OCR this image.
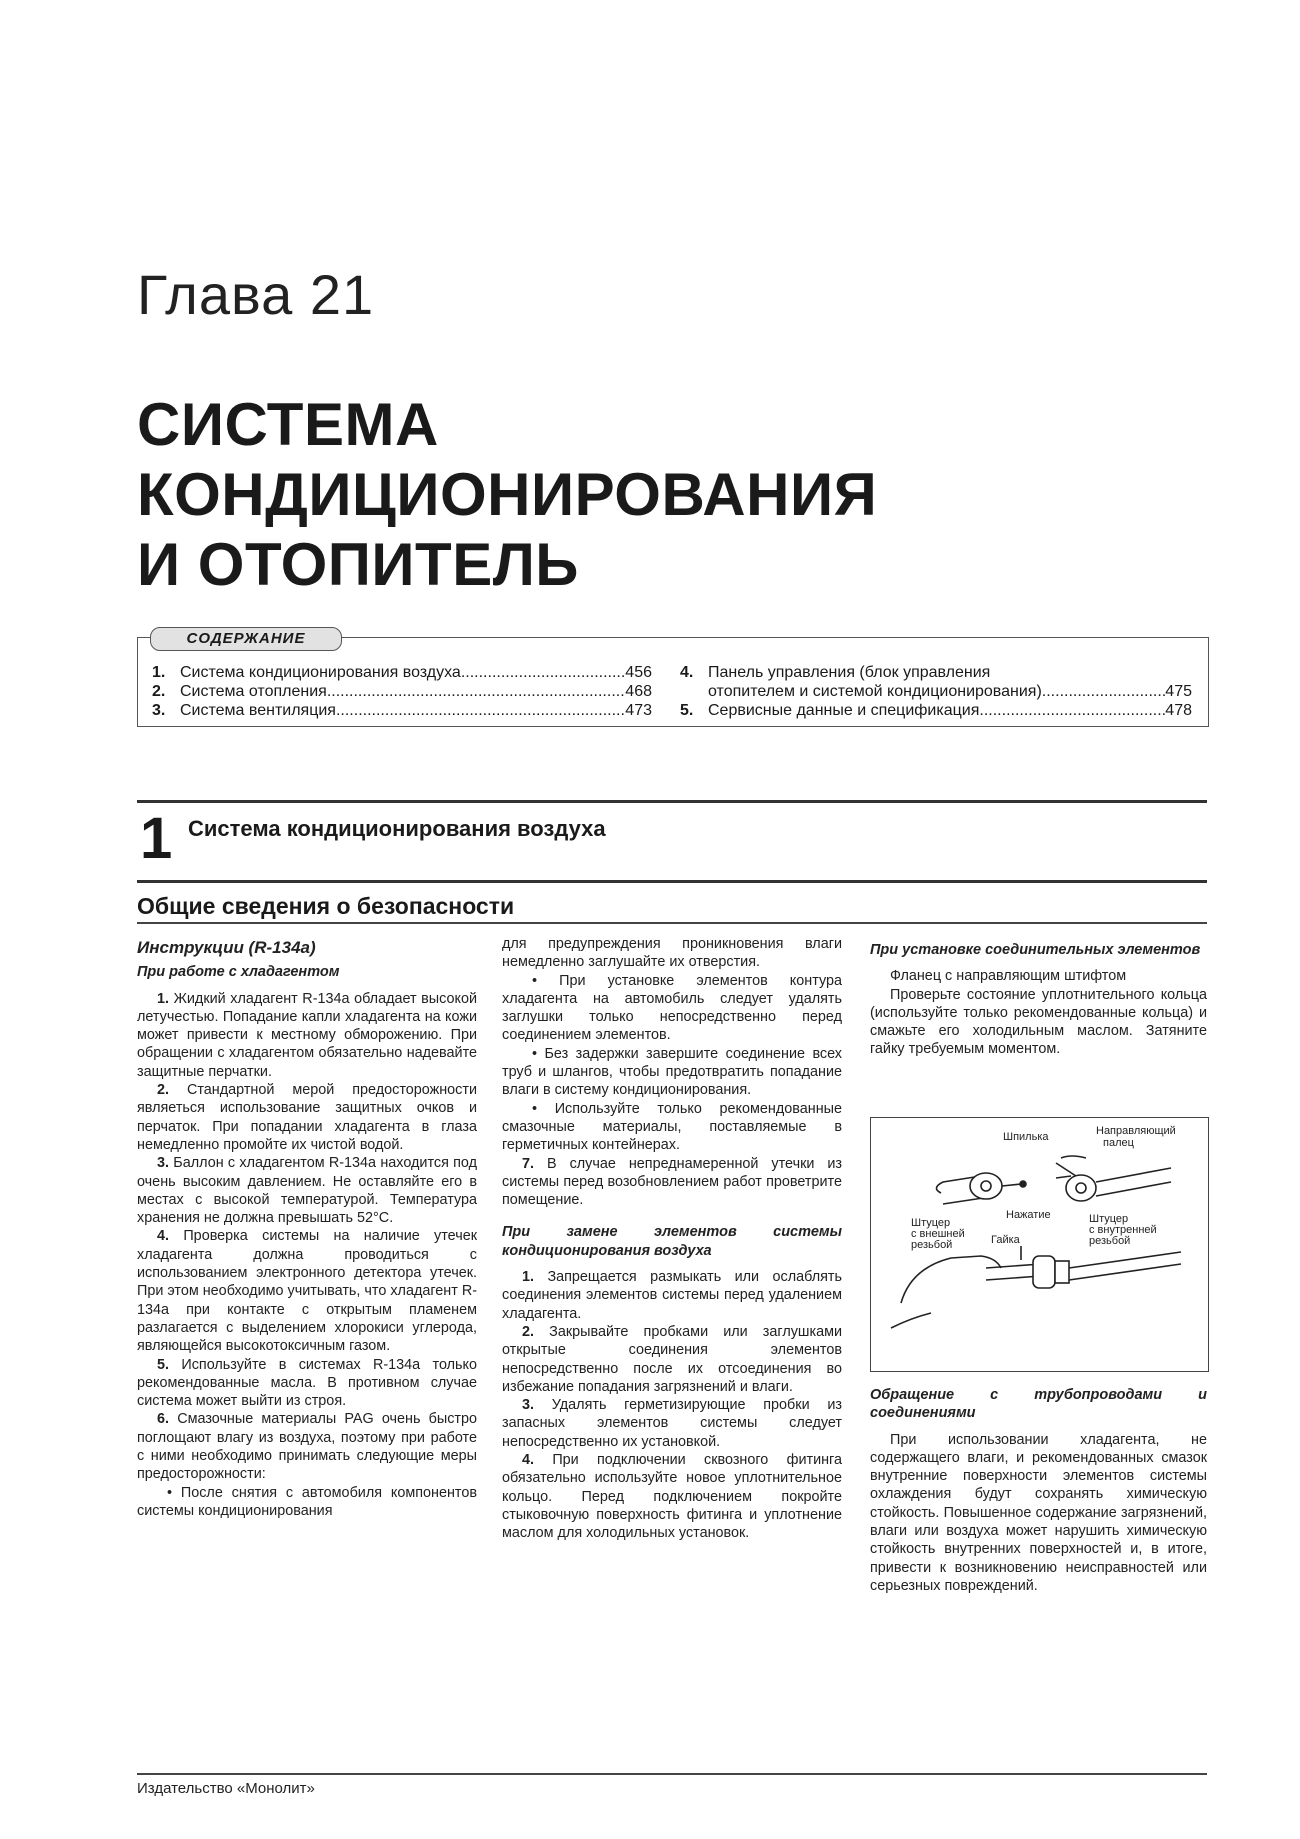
Глава 21
СИСТЕМА
КОНДИЦИОНИРОВАНИЯ
И ОТОПИТЕЛЬ
СОДЕРЖАНИЕ
1. Система кондиционирования воздуха .....	456
2. Система отопления .....	468
3. Система вентиляция .....	473
4. Панель управления (блок управления
отопителем и системой кондиционирования) .....	475
5. Сервисные данные и спецификация .....	478
1 Система кондиционирования воздуха
Общие сведения о безопасности
Инструкции (R-134a)
При работе с хладагентом

1. Жидкий хладагент R-134a обладает высокой летучестью. Попадание капли хладагента на кожи может привести к местному обморожению. При обращении с хладагентом обязательно надевайте защитные перчатки.

2. Стандартной мерой предосторожности являеться использование защитных очков и перчаток. При попадании хладагента в глаза немедленно промойте их чистой водой.

3. Баллон с хладагентом R-134a находится под очень высоким давлением. Не оставляйте его в местах с высокой температурой. Температура хранения не должна превышать 52°С.

4. Проверка системы на наличие утечек хладагента должна проводиться с использованием электронного детектора утечек. При этом необходимо учитывать, что хладагент R-134a при контакте с открытым пламенем разлагается с выделением хлорокиси углерода, являющейся высокотоксичным газом.

5. Используйте в системах R-134a только рекомендованные масла. В противном случае система может выйти из строя.

6. Смазочные материалы PAG очень быстро поглощают влагу из воздуха, поэтому при работе с ними необходимо принимать следующие меры предосторожности:

• После снятия с автомобиля компонентов системы кондиционирования

для предупреждения проникновения влаги немедленно заглушайте их отверстия.

• При установке элементов контура хладагента на автомобиль следует удалять заглушки только непосредственно перед соединением элементов.

• Без задержки завершите соединение всех труб и шлангов, чтобы предотвратить попадание влаги в систему кондиционирования.

• Используйте только рекомендованные смазочные материалы, поставляемые в герметичных контейнерах.

7. В случае непреднамеренной утечки из системы перед возобновлением работ проветрите помещение.

При замене элементов системы кондиционирования воздуха

1. Запрещается размыкать или ослаблять соединения элементов системы перед удалением хладагента.

2. Закрывайте пробками или заглушками открытые соединения элементов непосредственно после их отсоединения во избежание попадания загрязнений и влаги.

3. Удалять герметизирующие пробки из запасных элементов системы следует непосредственно их установкой.

4. При подключении сквозного фитинга обязательно используйте новое уплотнительное кольцо. Перед подключением покройте стыковочную поверхность фитинга и уплотнение маслом для холодильных установок.

При установке соединительных элементов

Фланец с направляющим штифтом

Проверьте состояние уплотнительного кольца (используйте только рекомендованные кольца) и смажьте его холодильным маслом. Затяните гайку требуемым моментом.

Шпилька	Направляющий
палец
Штуцер
с внешней
резьбой
Нажатие	Штуцер
с внутренней
резьбой
Гайка
Обращение с трубопроводами и соединениями

При использовании хладагента, не содержащего влаги, и рекомендованных смазок внутренние поверхности элементов системы охлаждения будут сохранять химическую стойкость. Повышенное содержание загрязнений, влаги или воздуха может нарушить химическую стойкость внутренних поверхностей и, в итоге, привести к возникновению неисправностей или серьезных повреждений.

Издательство «Монолит»
